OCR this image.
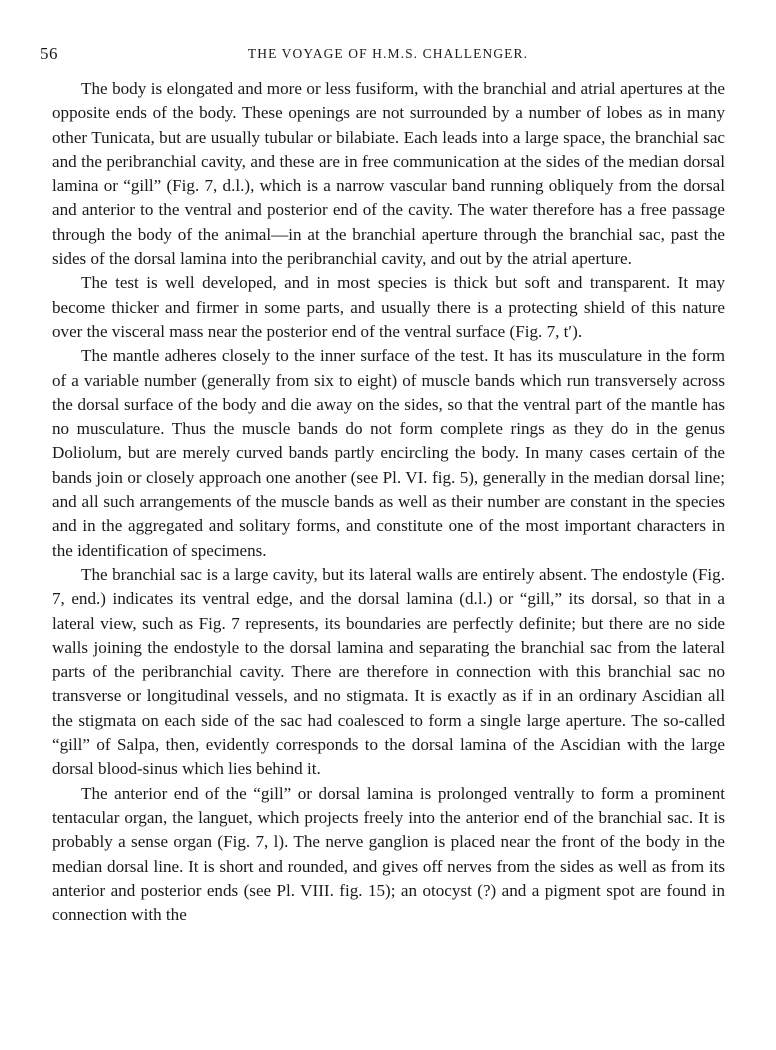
56	THE VOYAGE OF H.M.S. CHALLENGER.

The body is elongated and more or less fusiform, with the branchial and atrial apertures at the opposite ends of the body. These openings are not surrounded by a number of lobes as in many other Tunicata, but are usually tubular or bilabiate. Each leads into a large space, the branchial sac and the peribranchial cavity, and these are in free communication at the sides of the median dorsal lamina or “gill” (Fig. 7, d.l.), which is a narrow vascular band running obliquely from the dorsal and anterior to the ventral and posterior end of the cavity. The water therefore has a free passage through the body of the animal—in at the branchial aperture through the branchial sac, past the sides of the dorsal lamina into the peribranchial cavity, and out by the atrial aperture.

The test is well developed, and in most species is thick but soft and transparent. It may become thicker and firmer in some parts, and usually there is a protecting shield of this nature over the visceral mass near the posterior end of the ventral surface (Fig. 7, t′).

The mantle adheres closely to the inner surface of the test. It has its musculature in the form of a variable number (generally from six to eight) of muscle bands which run transversely across the dorsal surface of the body and die away on the sides, so that the ventral part of the mantle has no musculature. Thus the muscle bands do not form complete rings as they do in the genus Doliolum, but are merely curved bands partly encircling the body. In many cases certain of the bands join or closely approach one another (see Pl. VI. fig. 5), generally in the median dorsal line; and all such arrangements of the muscle bands as well as their number are constant in the species and in the aggregated and solitary forms, and constitute one of the most important characters in the identification of specimens.

The branchial sac is a large cavity, but its lateral walls are entirely absent. The endostyle (Fig. 7, end.) indicates its ventral edge, and the dorsal lamina (d.l.) or “gill,” its dorsal, so that in a lateral view, such as Fig. 7 represents, its boundaries are perfectly definite; but there are no side walls joining the endostyle to the dorsal lamina and separating the branchial sac from the lateral parts of the peribranchial cavity. There are therefore in connection with this branchial sac no transverse or longitudinal vessels, and no stigmata. It is exactly as if in an ordinary Ascidian all the stigmata on each side of the sac had coalesced to form a single large aperture. The so-called “gill” of Salpa, then, evidently corresponds to the dorsal lamina of the Ascidian with the large dorsal blood-sinus which lies behind it.

The anterior end of the “gill” or dorsal lamina is prolonged ventrally to form a prominent tentacular organ, the languet, which projects freely into the anterior end of the branchial sac. It is probably a sense organ (Fig. 7, l). The nerve ganglion is placed near the front of the body in the median dorsal line. It is short and rounded, and gives off nerves from the sides as well as from its anterior and posterior ends (see Pl. VIII. fig. 15); an otocyst (?) and a pigment spot are found in connection with the
